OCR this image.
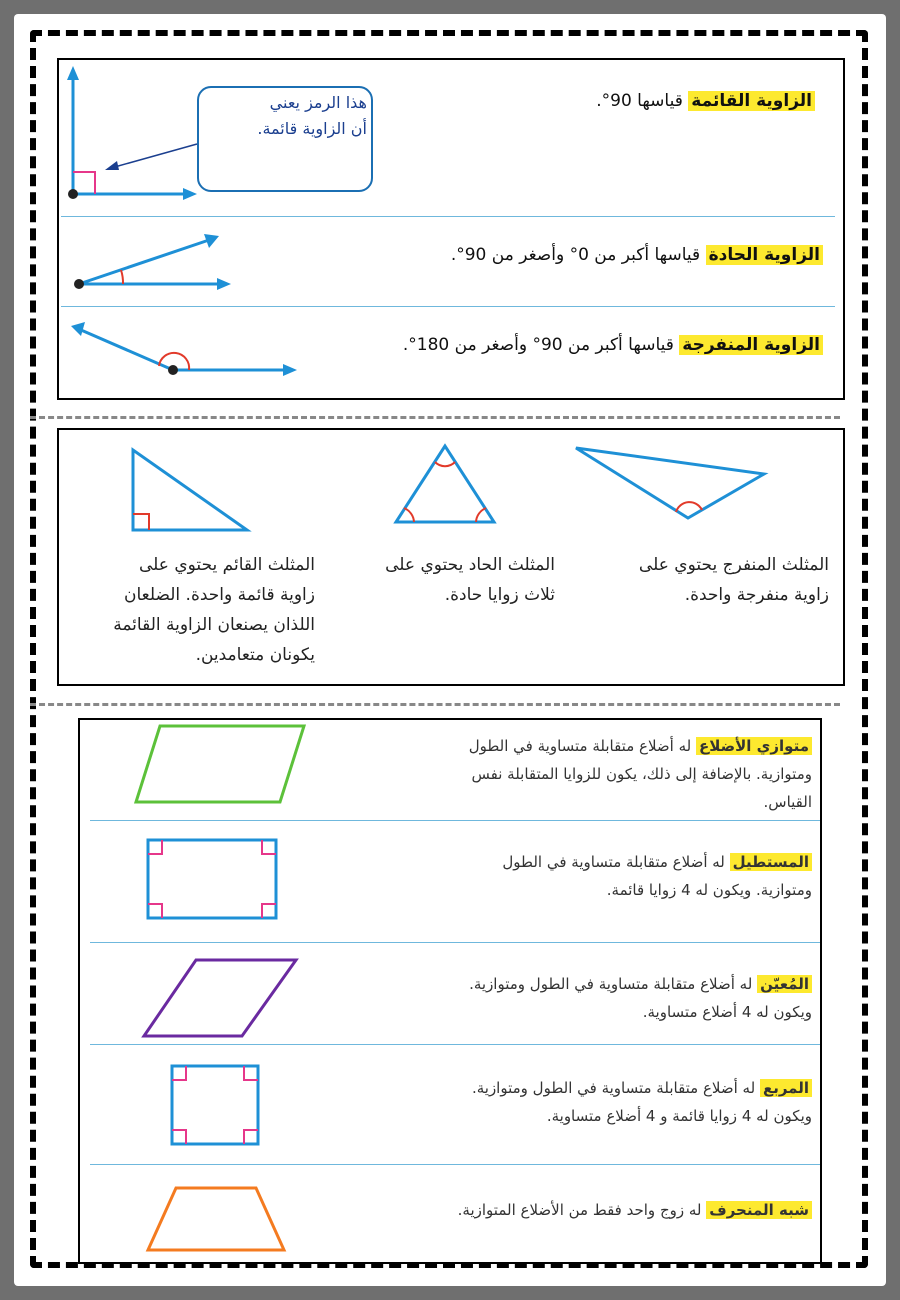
هذا الرمز يعني
أن الزاوية قائمة.
الزاوية القائمة قياسها 90°.
الزاوية الحادة قياسها أكبر من 0° وأصغر من 90°.
الزاوية المنفرجة قياسها أكبر من 90° وأصغر من 180°.
المثلث المنفرج يحتوي على
زاوية منفرجة واحدة.
المثلث الحاد يحتوي على
ثلاث زوايا حادة.
المثلث القائم يحتوي على
زاوية قائمة واحدة. الضلعان
اللذان يصنعان الزاوية القائمة
يكونان متعامدين.
متوازي الأضلاع له أضلاع متقابلة متساوية في الطول
ومتوازية. بالإضافة إلى ذلك، يكون للزوايا المتقابلة نفس
القياس.
المستطيل له أضلاع متقابلة متساوية في الطول
ومتوازية. ويكون له 4 زوايا قائمة.
المُعيّن له أضلاع متقابلة متساوية في الطول ومتوازية.
ويكون له 4 أضلاع متساوية.
المربع له أضلاع متقابلة متساوية في الطول ومتوازية.
ويكون له 4 زوايا قائمة و 4 أضلاع متساوية.
شبه المنحرف له زوج واحد فقط من الأضلاع المتوازية.
